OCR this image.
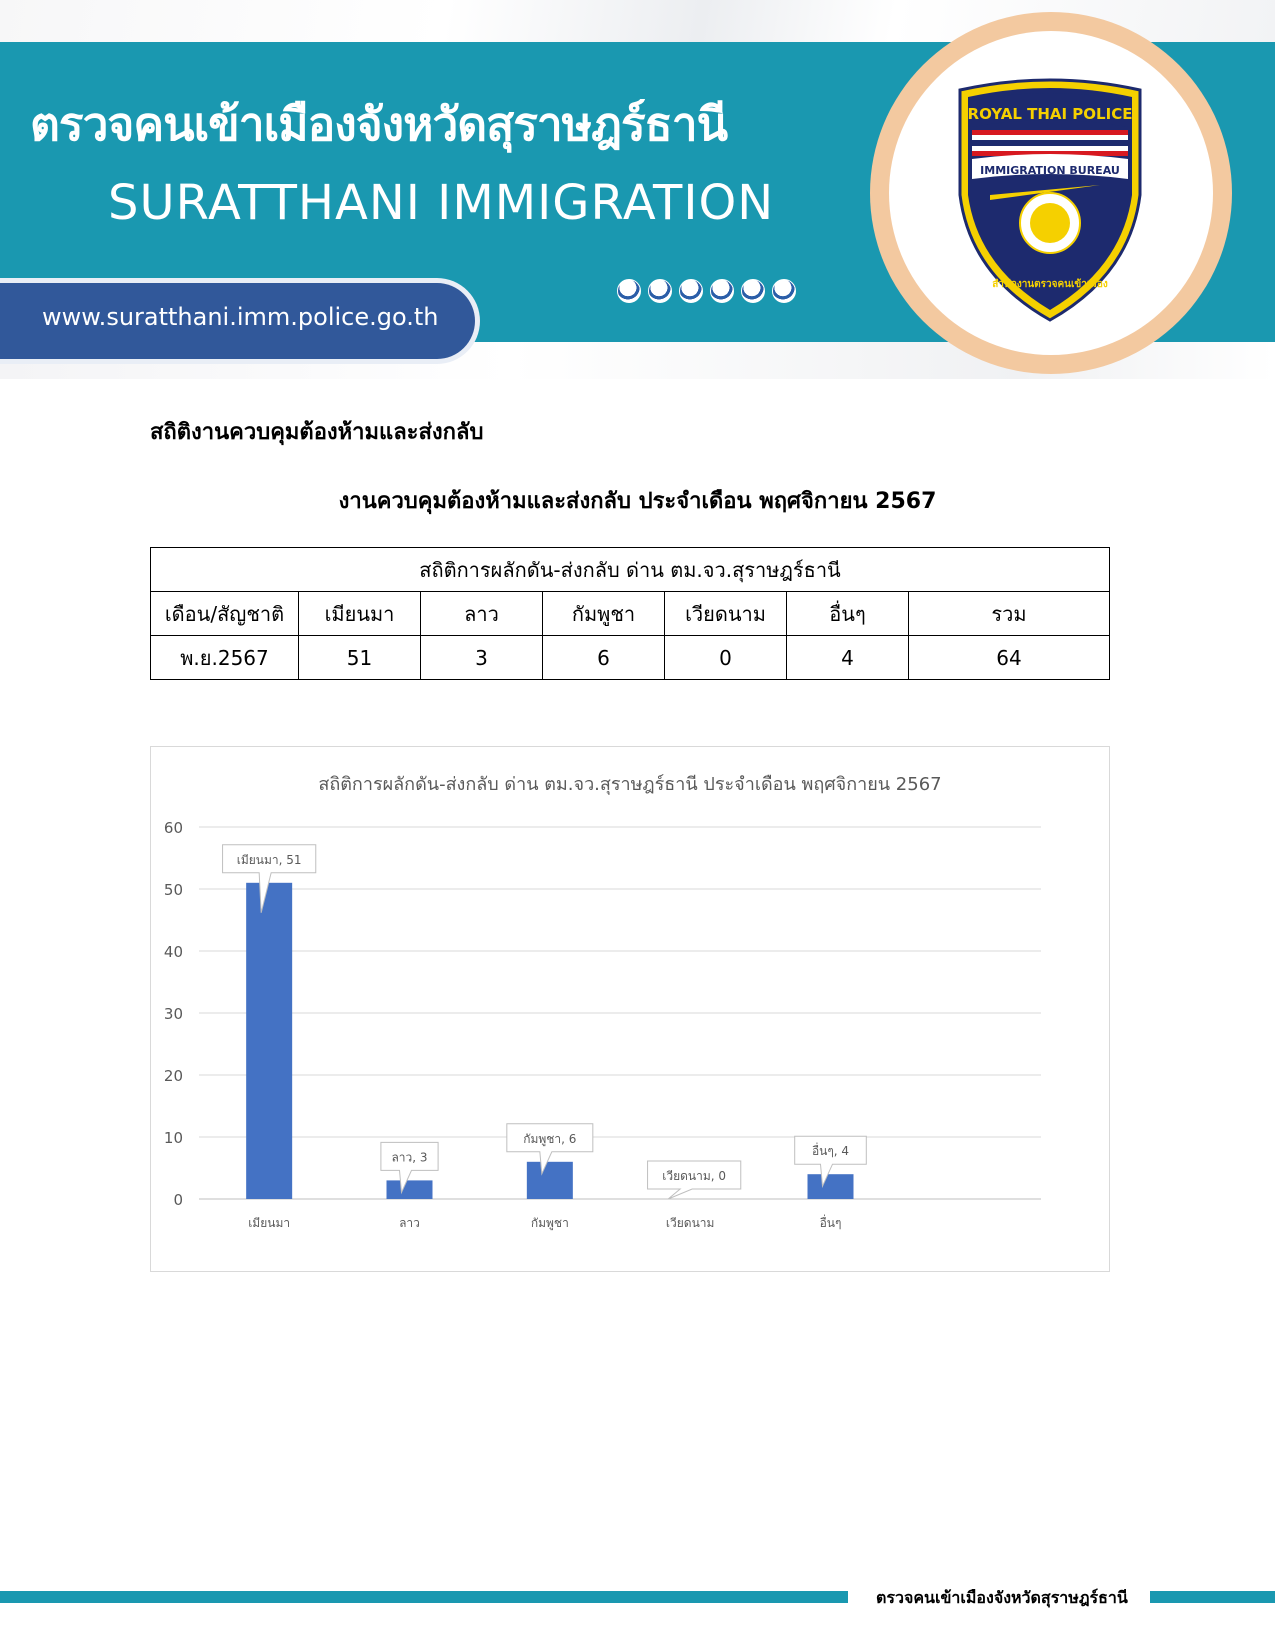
ตรวจคนเข้าเมืองจังหวัดสุราษฎร์ธานี
SURATTHANI IMMIGRATION
www.suratthani.imm.police.go.th
ROYAL THAI POLICE
IMMIGRATION BUREAU
สำนักงานตรวจคนเข้าเมือง
สถิติงานควบคุมต้องห้ามและส่งกลับ
งานควบคุมต้องห้ามและส่งกลับ ประจำเดือน พฤศจิกายน 2567
สถิติการผลักดัน-ส่งกลับ ด่าน ตม.จว.สุราษฎร์ธานี						
เดือน/สัญชาติ	เมียนมา	ลาว	กัมพูชา	เวียดนาม	อื่นๆ	รวม
พ.ย.2567	51	3	6	0	4	64
สถิติการผลักดัน-ส่งกลับ ด่าน ตม.จว.สุราษฎร์ธานี ประจำเดือน พฤศจิกายน 2567
0
10
20
30
40
50
60
เมียนมา
เมียนมา, 51
ลาว
ลาว, 3
กัมพูชา
กัมพูชา, 6
เวียดนาม
เวียดนาม, 0
อื่นๆ
อื่นๆ, 4
ตรวจคนเข้าเมืองจังหวัดสุราษฎร์ธานี
